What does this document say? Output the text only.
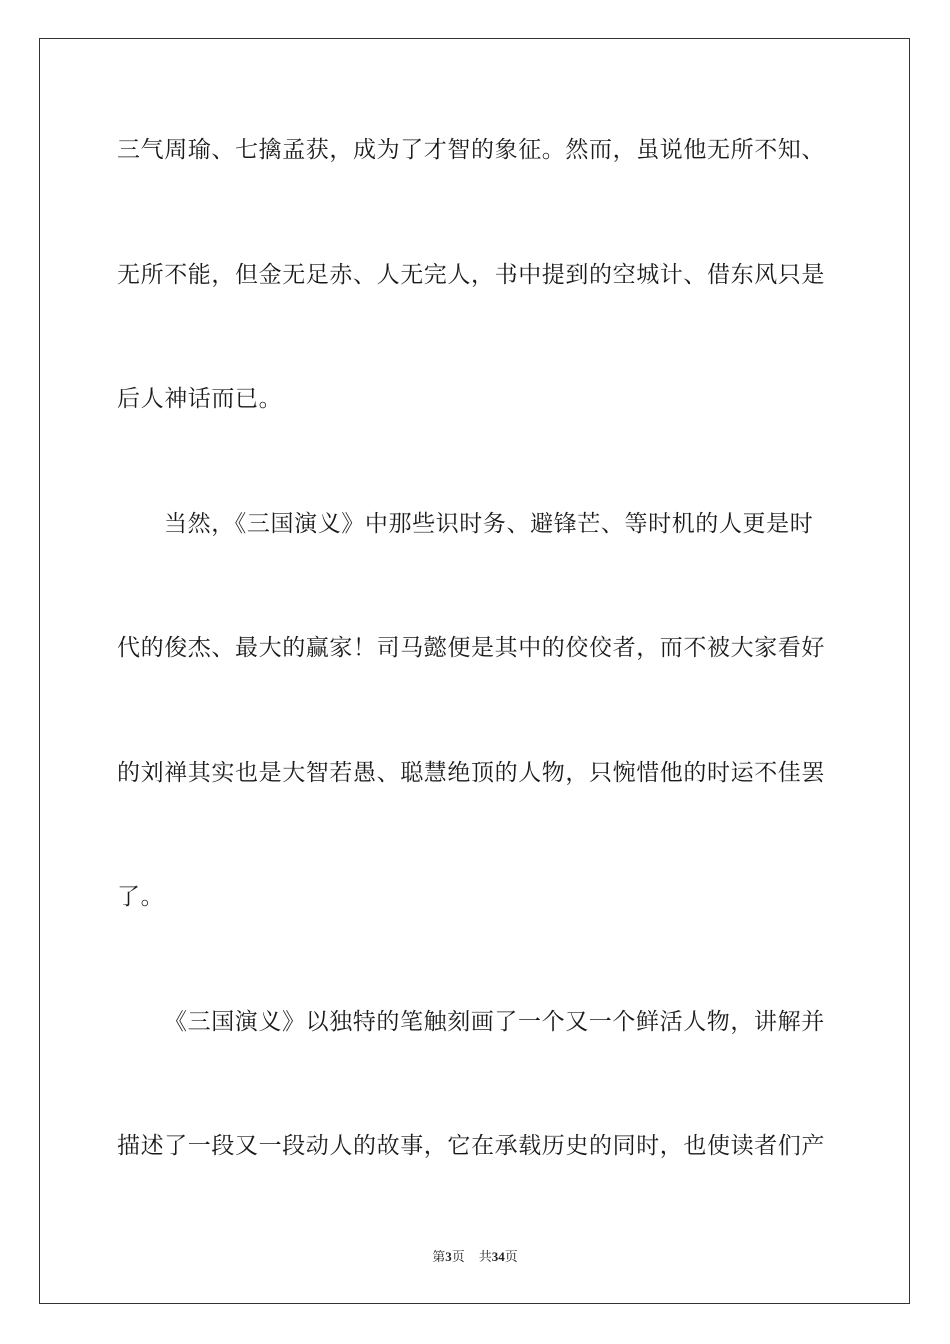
三气周瑜、七擒孟获，成为了才智的象征。然而，虽说他无所不知、
无所不能，但金无足赤、人无完人，书中提到的空城计、借东风只是
后人神话而已。
当然，《三国演义》中那些识时务、避锋芒、等时机的人更是时
代的俊杰、最大的赢家！司马懿便是其中的佼佼者，而不被大家看好
的刘禅其实也是大智若愚、聪慧绝顶的人物，只惋惜他的时运不佳罢
了。
《三国演义》以独特的笔触刻画了一个又一个鲜活人物，讲解并
描述了一段又一段动人的故事，它在承载历史的同时，也使读者们产
第3页 共34页
